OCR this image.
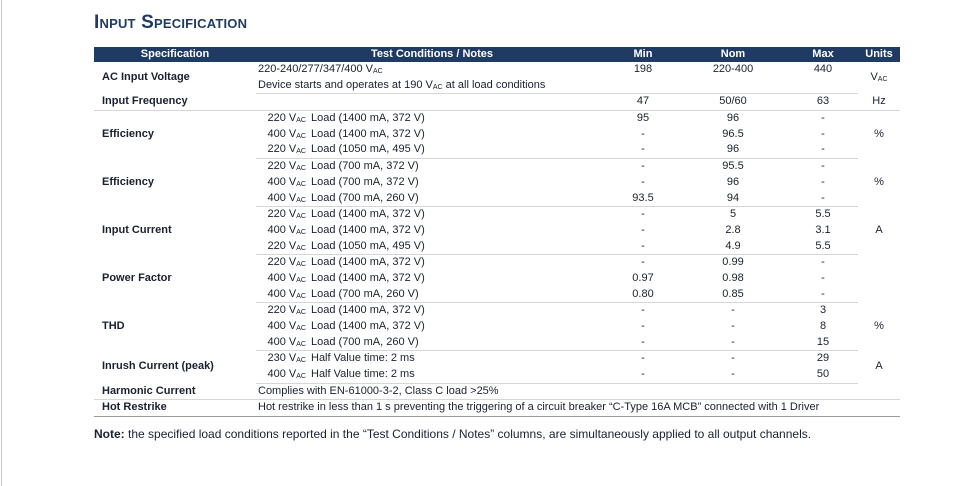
Input Specification
Specification	Test Conditions / Notes	Min	Nom	Max	Units

AC Input Voltage	220-240/277/347/400 VAC	198	220-400	440	VAC

	Device starts and operates at 190 VAC at all load conditions				

Input Frequency		47	50/60	63	Hz

Efficiency	220 VAC Load (1400 mA, 372 V)	95	96	-	%

	400 VAC Load (1400 mA, 372 V)	-	96.5	-	

	220 VAC Load (1050 mA, 495 V)	-	96	-	

Efficiency	220 VAC Load (700 mA, 372 V)	-	95.5	-	%

	400 VAC Load (700 mA, 372 V)	-	96	-	

	400 VAC Load (700 mA, 260 V)	93.5	94	-	

Input Current	220 VAC Load (1400 mA, 372 V)	-	5	5.5	A

	400 VAC Load (1400 mA, 372 V)	-	2.8	3.1	

	220 VAC Load (1050 mA, 495 V)	-	4.9	5.5	

Power Factor	220 VAC Load (1400 mA, 372 V)	-	0.99	-	

	400 VAC Load (1400 mA, 372 V)	0.97	0.98	-	

	400 VAC Load (700 mA, 260 V)	0.80	0.85	-	

THD	220 VAC Load (1400 mA, 372 V)	-	-	3	%

	400 VAC Load (1400 mA, 372 V)	-	-	8	

	400 VAC Load (700 mA, 260 V)	-	-	15	

Inrush Current (peak)	230 VAC Half Value time: 2 ms	-	-	29	A

	400 VAC Half Value time: 2 ms	-	-	50	

Harmonic Current	Complies with EN-61000-3-2, Class C load >25%				

Hot Restrike	Hot restrike in less than 1 s preventing the triggering of a circuit breaker “C-Type 16A MCB” connected with 1 Driver				
Note: the specified load conditions reported in the “Test Conditions / Notes” columns, are simultaneously applied to all output channels.
